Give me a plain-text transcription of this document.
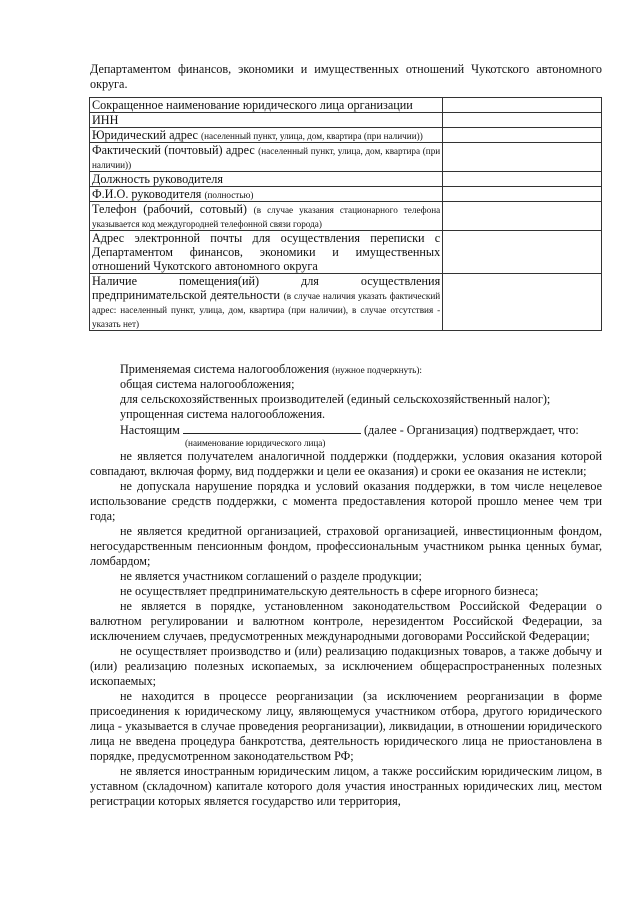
Департаментом финансов, экономики и имущественных отношений Чукотского автономного округа.
Сокращенное наименование юридического лица организации	
ИНН	
Юридический адрес (населенный пункт, улица, дом, квартира (при наличии))	
Фактический (почтовый) адрес (населенный пункт, улица, дом, квартира (при наличии))	
Должность руководителя	
Ф.И.О. руководителя (полностью)	
Телефон (рабочий, сотовый) (в случае указания стационарного телефона указывается код междугородней телефонной связи города)	
Адрес электронной почты для осуществления переписки с Департаментом финансов, экономики и имущественных отношений Чукотского автономного округа	
Наличие помещения(ий) для осуществления предпринимательской деятельности (в случае наличия указать фактический адрес: населенный пункт, улица, дом, квартира (при наличии), в случае отсутствия - указать нет)	

Применяемая система налогообложения (нужное подчеркнуть):

общая система налогообложения;

для сельскохозяйственных производителей (единый сельскохозяйственный налог);

упрощенная система налогообложения.

Настоящим	(далее - Организация) подтверждает, что:

(наименование юридического лица)

не является получателем аналогичной поддержки (поддержки, условия оказания которой совпадают, включая форму, вид поддержки и цели ее оказания) и сроки ее оказания не истекли;

не допускала нарушение порядка и условий оказания поддержки, в том числе нецелевое использование средств поддержки, с момента предоставления которой прошло менее чем три года;

не является кредитной организацией, страховой организацией, инвестиционным фондом, негосударственным пенсионным фондом, профессиональным участником рынка ценных бумаг, ломбардом;

не является участником соглашений о разделе продукции;

не осуществляет предпринимательскую деятельность в сфере игорного бизнеса;

не является в порядке, установленном законодательством Российской Федерации о валютном регулировании и валютном контроле, нерезидентом Российской Федерации, за исключением случаев, предусмотренных международными договорами Российской Федерации;

не осуществляет производство и (или) реализацию подакцизных товаров, а также добычу и (или) реализацию полезных ископаемых, за исключением общераспространенных полезных ископаемых;

не находится в процессе реорганизации (за исключением реорганизации в форме присоединения к юридическому лицу, являющемуся участником отбора, другого юридического лица - указывается в случае проведения реорганизации), ликвидации, в отношении юридического лица не введена процедура банкротства, деятельность юридического лица не приостановлена в порядке, предусмотренном законодательством РФ;

не является иностранным юридическим лицом, а также российским юридическим лицом, в уставном (складочном) капитале которого доля участия иностранных юридических лиц, местом регистрации которых является государство или территория,
